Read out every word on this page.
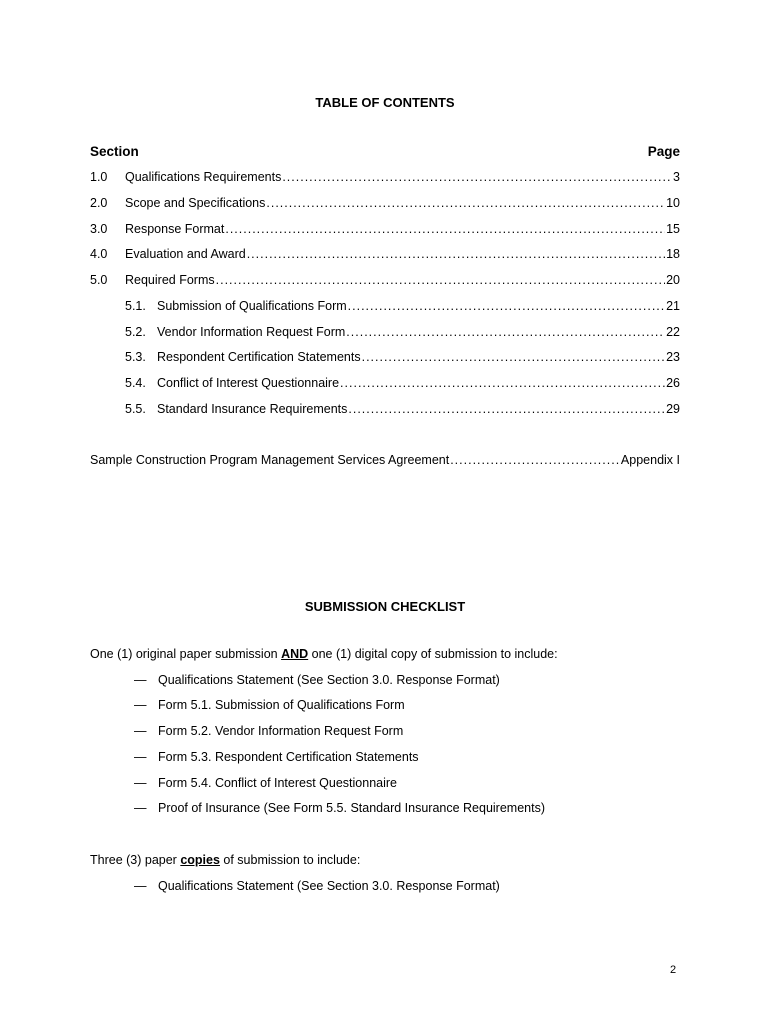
TABLE OF CONTENTS
Section	Page
1.0	Qualifications Requirements .....	3
2.0	Scope and Specifications .....	10
3.0	Response Format .....	15
4.0	Evaluation and Award .....	18
5.0	Required Forms .....	20
5.1. Submission of Qualifications Form .....	21
5.2. Vendor Information Request Form .....	22
5.3. Respondent Certification Statements .....	23
5.4. Conflict of Interest Questionnaire .....	26
5.5. Standard Insurance Requirements .....	29
Sample Construction Program Management Services Agreement .....	Appendix I
SUBMISSION CHECKLIST
One (1) original paper submission AND one (1) digital copy of submission to include:
— Qualifications Statement (See Section 3.0. Response Format)
— Form 5.1. Submission of Qualifications Form
— Form 5.2. Vendor Information Request Form
— Form 5.3. Respondent Certification Statements
— Form 5.4. Conflict of Interest Questionnaire
— Proof of Insurance (See Form 5.5. Standard Insurance Requirements)
Three (3) paper copies of submission to include:
— Qualifications Statement (See Section 3.0. Response Format)
2
